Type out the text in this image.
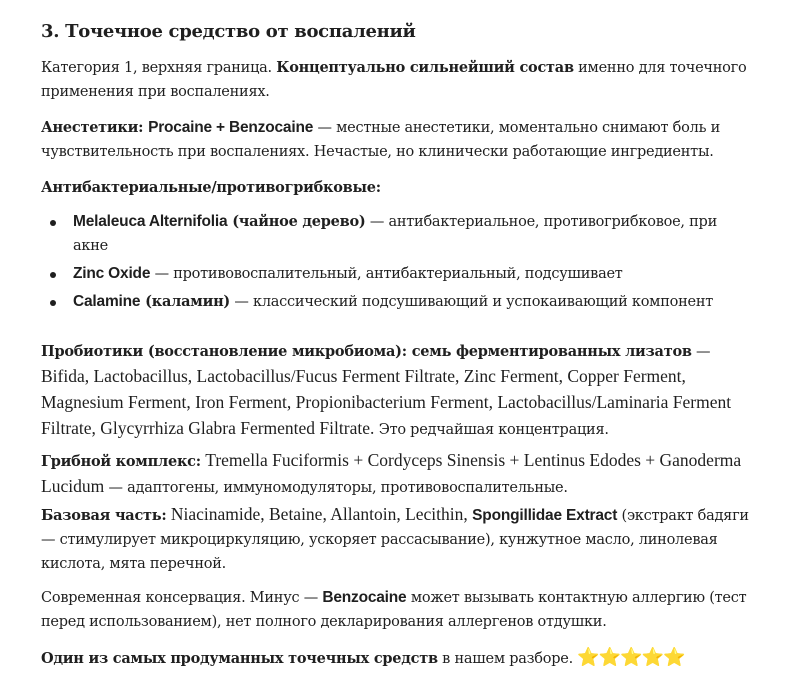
3. Точечное средство от воспалений

Категория 1, верхняя граница. Концептуально сильнейший состав именно для точечного применения при воспалениях.

Анестетики: Procaine + Benzocaine — местные анестетики, моментально снимают боль и чувствительность при воспалениях. Нечастые, но клинически работающие ингредиенты.

Антибактериальные/противогрибковые:

Melaleuca Alternifolia (чайное дерево) — антибактериальное, противогрибковое, при акне
Zinc Oxide — противовоспалительный, антибактериальный, подсушивает
Calamine (каламин) — классический подсушивающий и успокаивающий компонент

Пробиотики (восстановление микробиома): семь ферментированных лизатов — Bifida, Lactobacillus, Lactobacillus/Fucus Ferment Filtrate, Zinc Ferment, Copper Ferment, Magnesium Ferment, Iron Ferment, Propionibacterium Ferment, Lactobacillus/Laminaria Ferment Filtrate, Glycyrrhiza Glabra Fermented Filtrate. Это редчайшая концентрация.

Грибной комплекс: Tremella Fuciformis + Cordyceps Sinensis + Lentinus Edodes + Ganoderma Lucidum — адаптогены, иммуномодуляторы, противовоспалительные.

Базовая часть: Niacinamide, Betaine, Allantoin, Lecithin, Spongillidae Extract (экстракт бадяги — стимулирует микроциркуляцию, ускоряет рассасывание), кунжутное масло, линолевая кислота, мята перечной.

Современная консервация. Минус — Benzocaine может вызывать контактную аллергию (тест перед использованием), нет полного декларирования аллергенов отдушки.

Один из самых продуманных точечных средств в нашем разборе. ⭐⭐⭐⭐⭐
